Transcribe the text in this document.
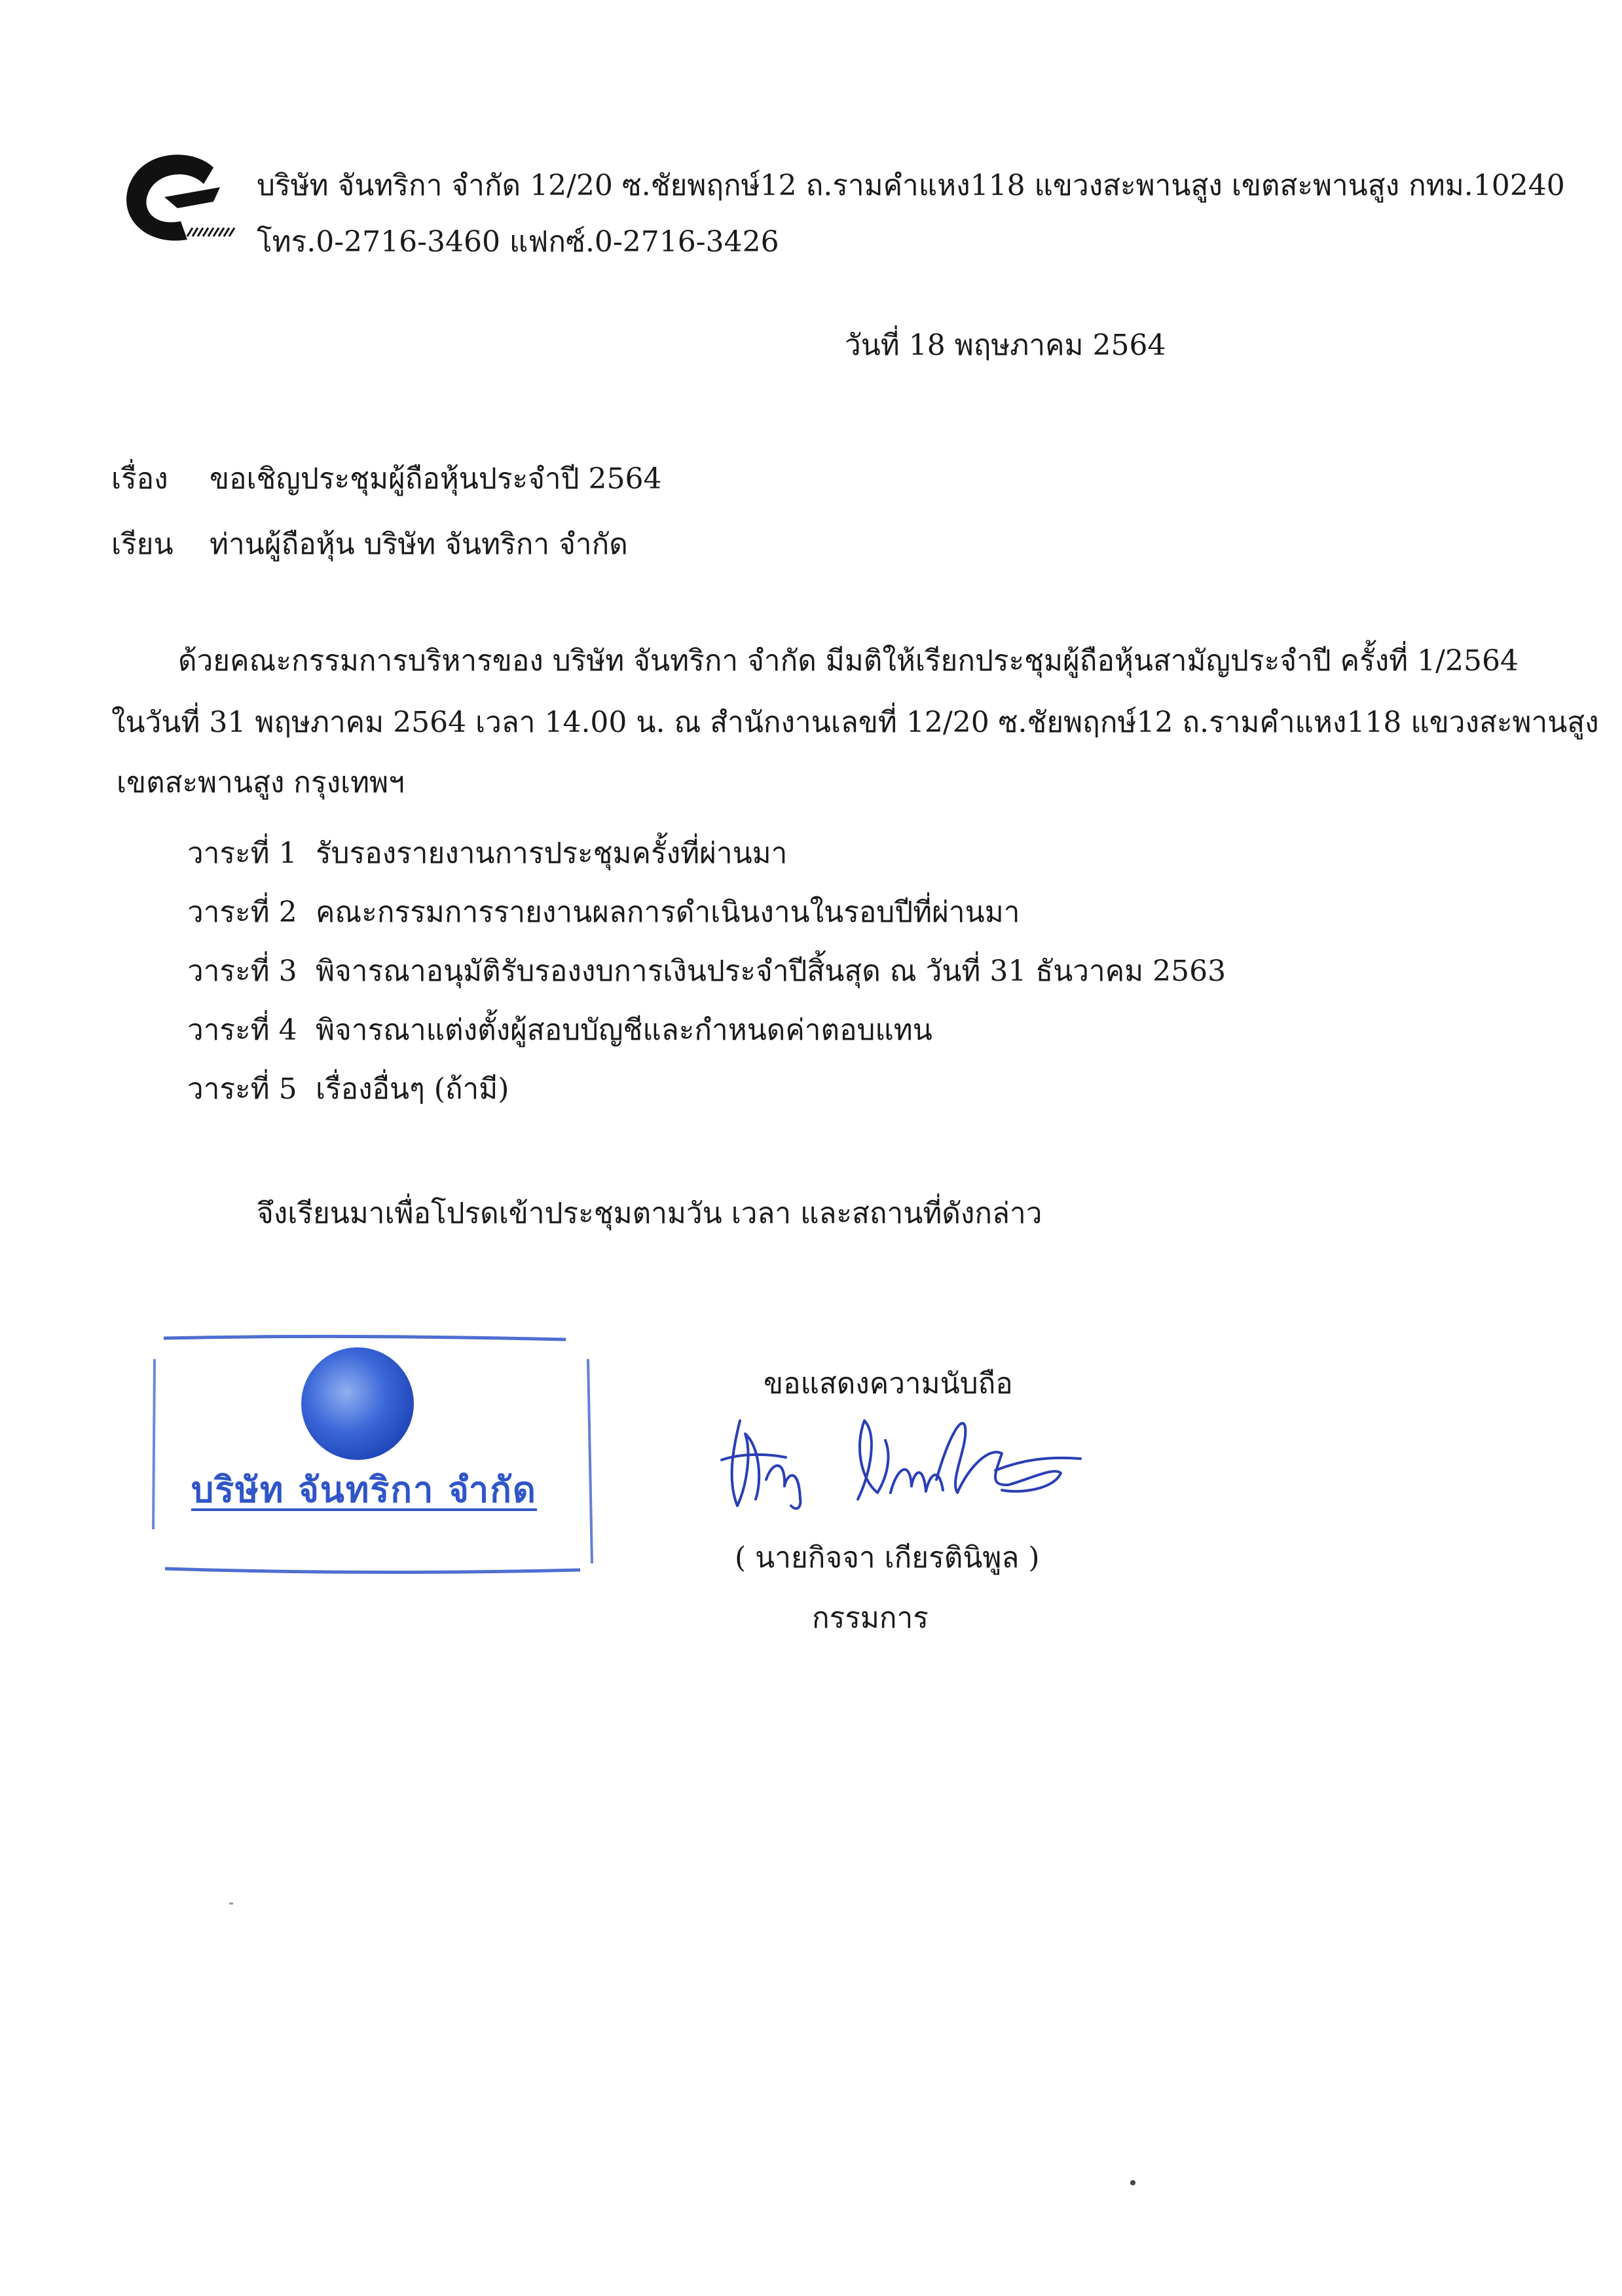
บริษัท จันทริกา จำกัด 12/20 ซ.ชัยพฤกษ์12 ถ.รามคำแหง118 แขวงสะพานสูง เขตสะพานสูง กทม.10240
โทร.0-2716-3460 แฟกซ์.0-2716-3426
วันที่ 18 พฤษภาคม 2564
เรื่อง ขอเชิญประชุมผู้ถือหุ้นประจำปี 2564
เรียน ท่านผู้ถือหุ้น บริษัท จันทริกา จำกัด
ด้วยคณะกรรมการบริหารของ บริษัท จันทริกา จำกัด มีมติให้เรียกประชุมผู้ถือหุ้นสามัญประจำปี ครั้งที่ 1/2564
ในวันที่ 31 พฤษภาคม 2564 เวลา 14.00 น. ณ สำนักงานเลขที่ 12/20 ซ.ชัยพฤกษ์12 ถ.รามคำแหง118 แขวงสะพานสูง
เขตสะพานสูง กรุงเทพฯ
วาระที่ 1 รับรองรายงานการประชุมครั้งที่ผ่านมา
วาระที่ 2 คณะกรรมการรายงานผลการดำเนินงานในรอบปีที่ผ่านมา
วาระที่ 3 พิจารณาอนุมัติรับรองงบการเงินประจำปีสิ้นสุด ณ วันที่ 31 ธันวาคม 2563
วาระที่ 4 พิจารณาแต่งตั้งผู้สอบบัญชีและกำหนดค่าตอบแทน
วาระที่ 5 เรื่องอื่นๆ (ถ้ามี)
จึงเรียนมาเพื่อโปรดเข้าประชุมตามวัน เวลา และสถานที่ดังกล่าว
บริษัท จันทริกา จำกัด
ขอแสดงความนับถือ
( นายกิจจา เกียรตินิพูล )
กรรมการ
